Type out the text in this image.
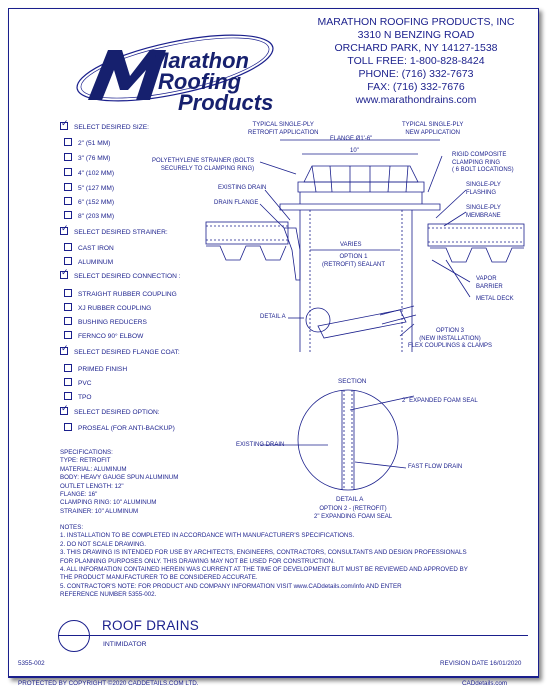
Marathon
Roofing
Products
MARATHON ROOFING PRODUCTS, INC
3310 N BENZING ROAD
ORCHARD PARK, NY 14127-1538
TOLL FREE: 1-800-828-8424
PHONE: (716) 332-7673
FAX: (716) 332-7676
www.marathondrains.com
✓SELECT DESIRED SIZE:
2" (51 MM)
3" (76 MM)
4" (102 MM)
5" (127 MM)
6" (152 MM)
8" (203 MM)
✓SELECT DESIRED STRAINER:
CAST IRON
ALUMINUM
✓SELECT DESIRED CONNECTION :
STRAIGHT RUBBER COUPLING
XJ RUBBER COUPLING
BUSHING REDUCERS
FERNCO 90° ELBOW
✓SELECT DESIRED FLANGE COAT:
PRIMED FINISH
PVC
TPO
✓SELECT DESIRED OPTION:
PROSEAL (FOR ANTI-BACKUP)
SPECIFICATIONS:
TYPE: RETROFIT
MATERIAL: ALUMINUM
BODY: HEAVY GAUGE SPUN ALUMINUM
OUTLET LENGTH: 12"
FLANGE: 16"
CLAMPING RING: 10" ALUMINUM
STRAINER: 10" ALUMINUM
NOTES:
1. INSTALLATION TO BE COMPLETED IN ACCORDANCE WITH MANUFACTURER'S SPECIFICATIONS.
2. DO NOT SCALE DRAWING.
3. THIS DRAWING IS INTENDED FOR USE BY ARCHITECTS, ENGINEERS, CONTRACTORS, CONSULTANTS AND DESIGN PROFESSIONALS
FOR PLANNING PURPOSES ONLY. THIS DRAWING MAY NOT BE USED FOR CONSTRUCTION.
4. ALL INFORMATION CONTAINED HEREIN WAS CURRENT AT THE TIME OF DEVELOPMENT BUT MUST BE REVIEWED AND APPROVED BY
THE PRODUCT MANUFACTURER TO BE CONSIDERED ACCURATE.
5. CONTRACTOR'S NOTE: FOR PRODUCT AND COMPANY INFORMATION VISIT www.CADdetails.com/info AND ENTER
REFERENCE NUMBER 5355-002.
TYPICAL SINGLE-PLY
RETROFIT APPLICATION
TYPICAL SINGLE-PLY
NEW APPLICATION
FLANGE Ø1'-6"
10"
POLYETHYLENE STRAINER (BOLTS
SECURELY TO CLAMPING RING)
EXISTING DRAIN
DRAIN FLANGE
VARIES
OPTION 1
(RETROFIT) SEALANT
RIGID COMPOSITE
CLAMPING RING
( 6 BOLT LOCATIONS)
SINGLE-PLY
FLASHING
SINGLE-PLY
MEMBRANE
VAPOR
BARRIER
METAL DECK
DETAIL A
OPTION 3
(NEW INSTALLATION)
FLEX COUPLINGS & CLAMPS
SECTION
2" EXPANDED FOAM SEAL
EXISTING DRAIN
FAST FLOW DRAIN
DETAIL A
OPTION 2 - (RETROFIT)
2" EXPANDING FOAM SEAL
ROOF DRAINS
INTIMIDATOR
5355-002	REVISION DATE 16/01/2020
PROTECTED BY COPYRIGHT ©2020 CADDETAILS.COM LTD.	CADdetails.com
